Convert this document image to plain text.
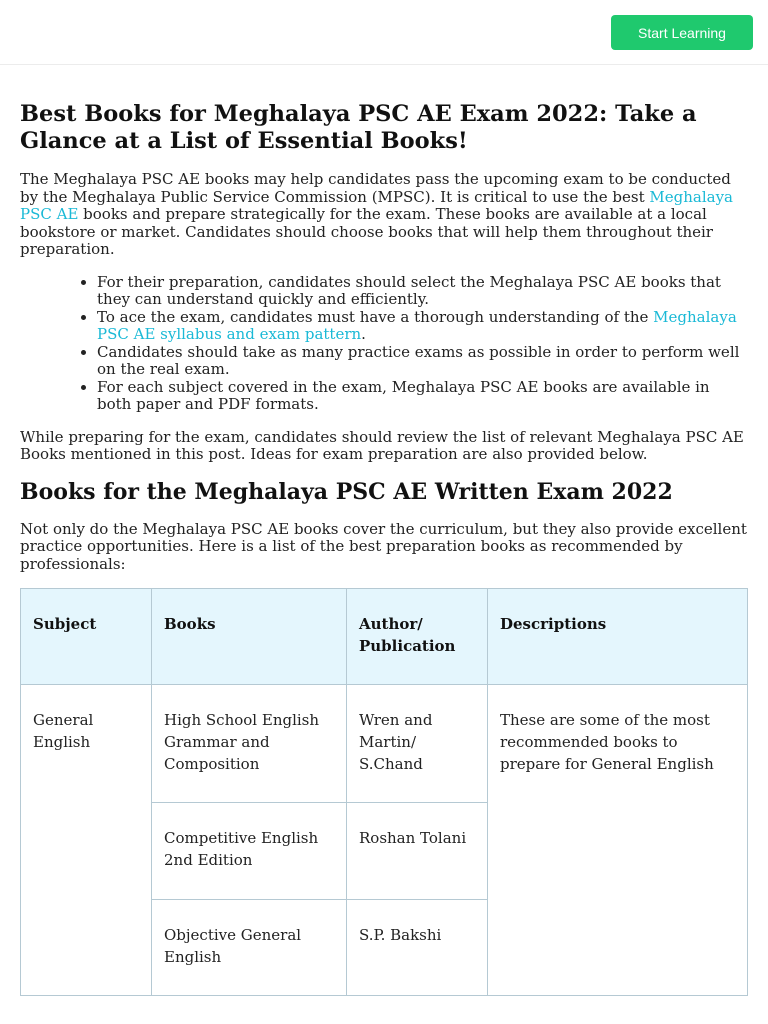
Start Learning
Best Books for Meghalaya PSC AE Exam 2022: Take a Glance at a List of Essential Books!

The Meghalaya PSC AE books may help candidates pass the upcoming exam to be conducted by the Meghalaya Public Service Commission (MPSC). It is critical to use the best Meghalaya PSC AE books and prepare strategically for the exam. These books are available at a local bookstore or market. Candidates should choose books that will help them throughout their preparation.

• For their preparation, candidates should select the Meghalaya PSC AE books that they can understand quickly and efficiently.
• To ace the exam, candidates must have a thorough understanding of the Meghalaya PSC AE syllabus and exam pattern.
• Candidates should take as many practice exams as possible in order to perform well on the real exam.
• For each subject covered in the exam, Meghalaya PSC AE books are available in both paper and PDF formats.

While preparing for the exam, candidates should review the list of relevant Meghalaya PSC AE Books mentioned in this post. Ideas for exam preparation are also provided below.

Books for the Meghalaya PSC AE Written Exam 2022

Not only do the Meghalaya PSC AE books cover the curriculum, but they also provide excellent practice opportunities. Here is a list of the best preparation books as recommended by professionals:

Subject	Books	Author/ Publication	Descriptions
General English	High School English Grammar and Composition	Wren and Martin/ S.Chand	These are some of the most recommended books to prepare for General English
	Competitive English 2nd Edition	Roshan Tolani	
	Objective General English	S.P. Bakshi	
